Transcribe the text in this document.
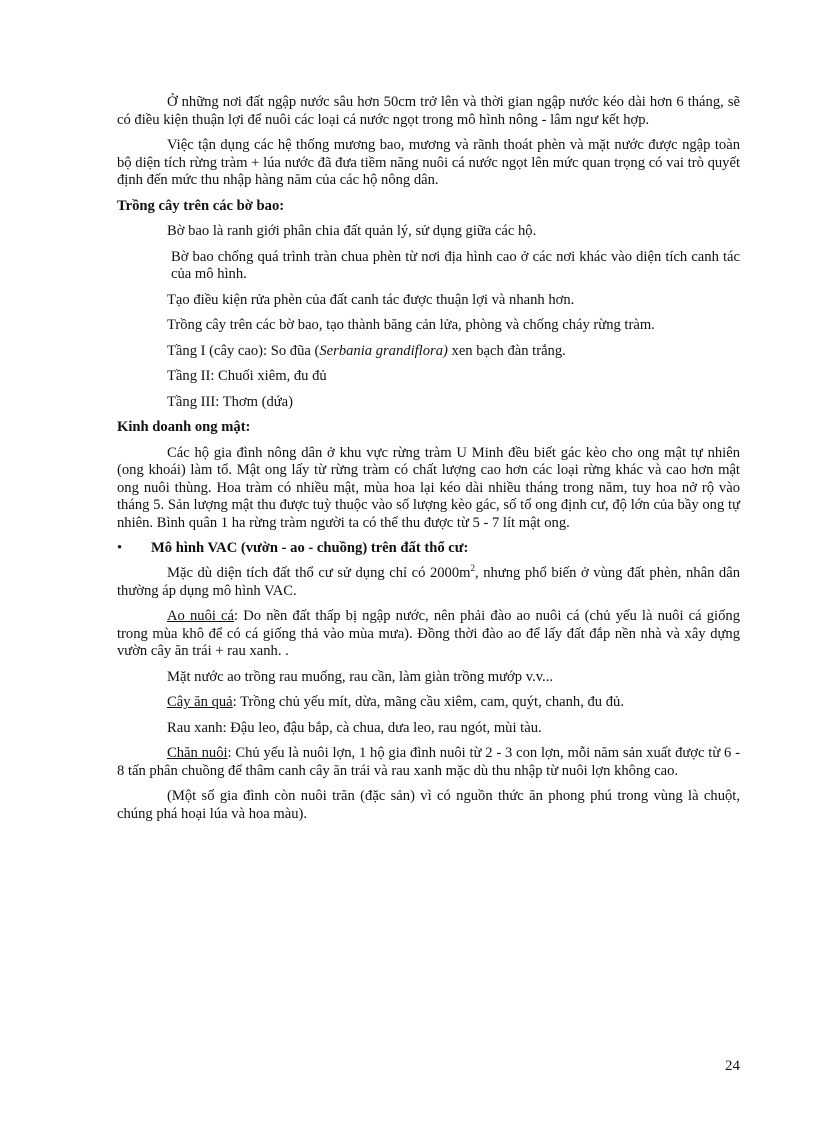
Ở những nơi đất ngập nước sâu hơn 50cm trở lên và thời gian ngập nước kéo dài hơn 6 tháng, sẽ có điều kiện thuận lợi để nuôi các loại cá nước ngọt trong mô hình nông - lâm ngư kết hợp.

Việc tận dụng các hệ thống mương bao, mương và rãnh thoát phèn và mặt nước được ngập toàn bộ diện tích rừng tràm + lúa nước đã đưa tiềm năng nuôi cá nước ngọt lên mức quan trọng có vai trò quyết định đến mức thu nhập hàng năm của các hộ nông dân.

Trồng cây trên các bờ bao:

Bờ bao là ranh giới phân chia đất quản lý, sử dụng giữa các hộ.

Bờ bao chống quá trình tràn chua phèn từ nơi địa hình cao ở các nơi khác vào diện tích canh tác của mô hình.

Tạo điều kiện rửa phèn của đất canh tác được thuận lợi và nhanh hơn.

Trồng cây trên các bờ bao, tạo thành băng cản lửa, phòng và chống cháy rừng tràm.

Tầng I (cây cao): So đũa (Serbania grandiflora) xen bạch đàn trắng.

Tầng II: Chuối xiêm, đu đủ

Tầng III: Thơm (dứa)

Kinh doanh ong mật:

Các hộ gia đình nông dân ở khu vực rừng tràm U Minh đều biết gác kèo cho ong mật tự nhiên (ong khoái) làm tổ. Mật ong lấy từ rừng tràm có chất lượng cao hơn các loại rừng khác và cao hơn mật ong nuôi thùng. Hoa tràm có nhiều mật, mùa hoa lại kéo dài nhiều tháng trong năm, tuy hoa nở rộ vào tháng 5. Sản lượng mật thu được tuỳ thuộc vào số lượng kèo gác, số tổ ong định cư, độ lớn của bầy ong tự nhiên. Bình quân 1 ha rừng tràm người ta có thể thu được từ 5 - 7 lít mật ong.

•	Mô hình VAC (vườn - ao - chuồng) trên đất thổ cư:

Mặc dù diện tích đất thổ cư sử dụng chỉ có $2000m^2$, nhưng phổ biến ở vùng đất phèn, nhân dân thường áp dụng mô hình VAC.

Ao nuôi cá: Do nền đất thấp bị ngập nước, nên phải đào ao nuôi cá (chủ yếu là nuôi cá giống trong mùa khô để có cá giống thả vào mùa mưa). Đồng thời đào ao để lấy đất đắp nền nhà và xây dựng vườn cây ăn trái + rau xanh. .

Mặt nước ao trồng rau muống, rau cần, làm giàn trồng mướp v.v...

Cây ăn quả: Trồng chủ yếu mít, dừa, mãng cầu xiêm, cam, quýt, chanh, đu đủ.

Rau xanh: Đậu leo, đậu bắp, cà chua, dưa leo, rau ngót, mùi tàu.

Chăn nuôi: Chủ yếu là nuôi lợn, 1 hộ gia đình nuôi từ 2 - 3 con lợn, mỗi năm sản xuất được từ 6 - 8 tấn phân chuồng để thâm canh cây ăn trái và rau xanh mặc dù thu nhập từ nuôi lợn không cao.

(Một số gia đình còn nuôi trăn (đặc sản) vì có nguồn thức ăn phong phú trong vùng là chuột, chúng phá hoại lúa và hoa màu).

24
